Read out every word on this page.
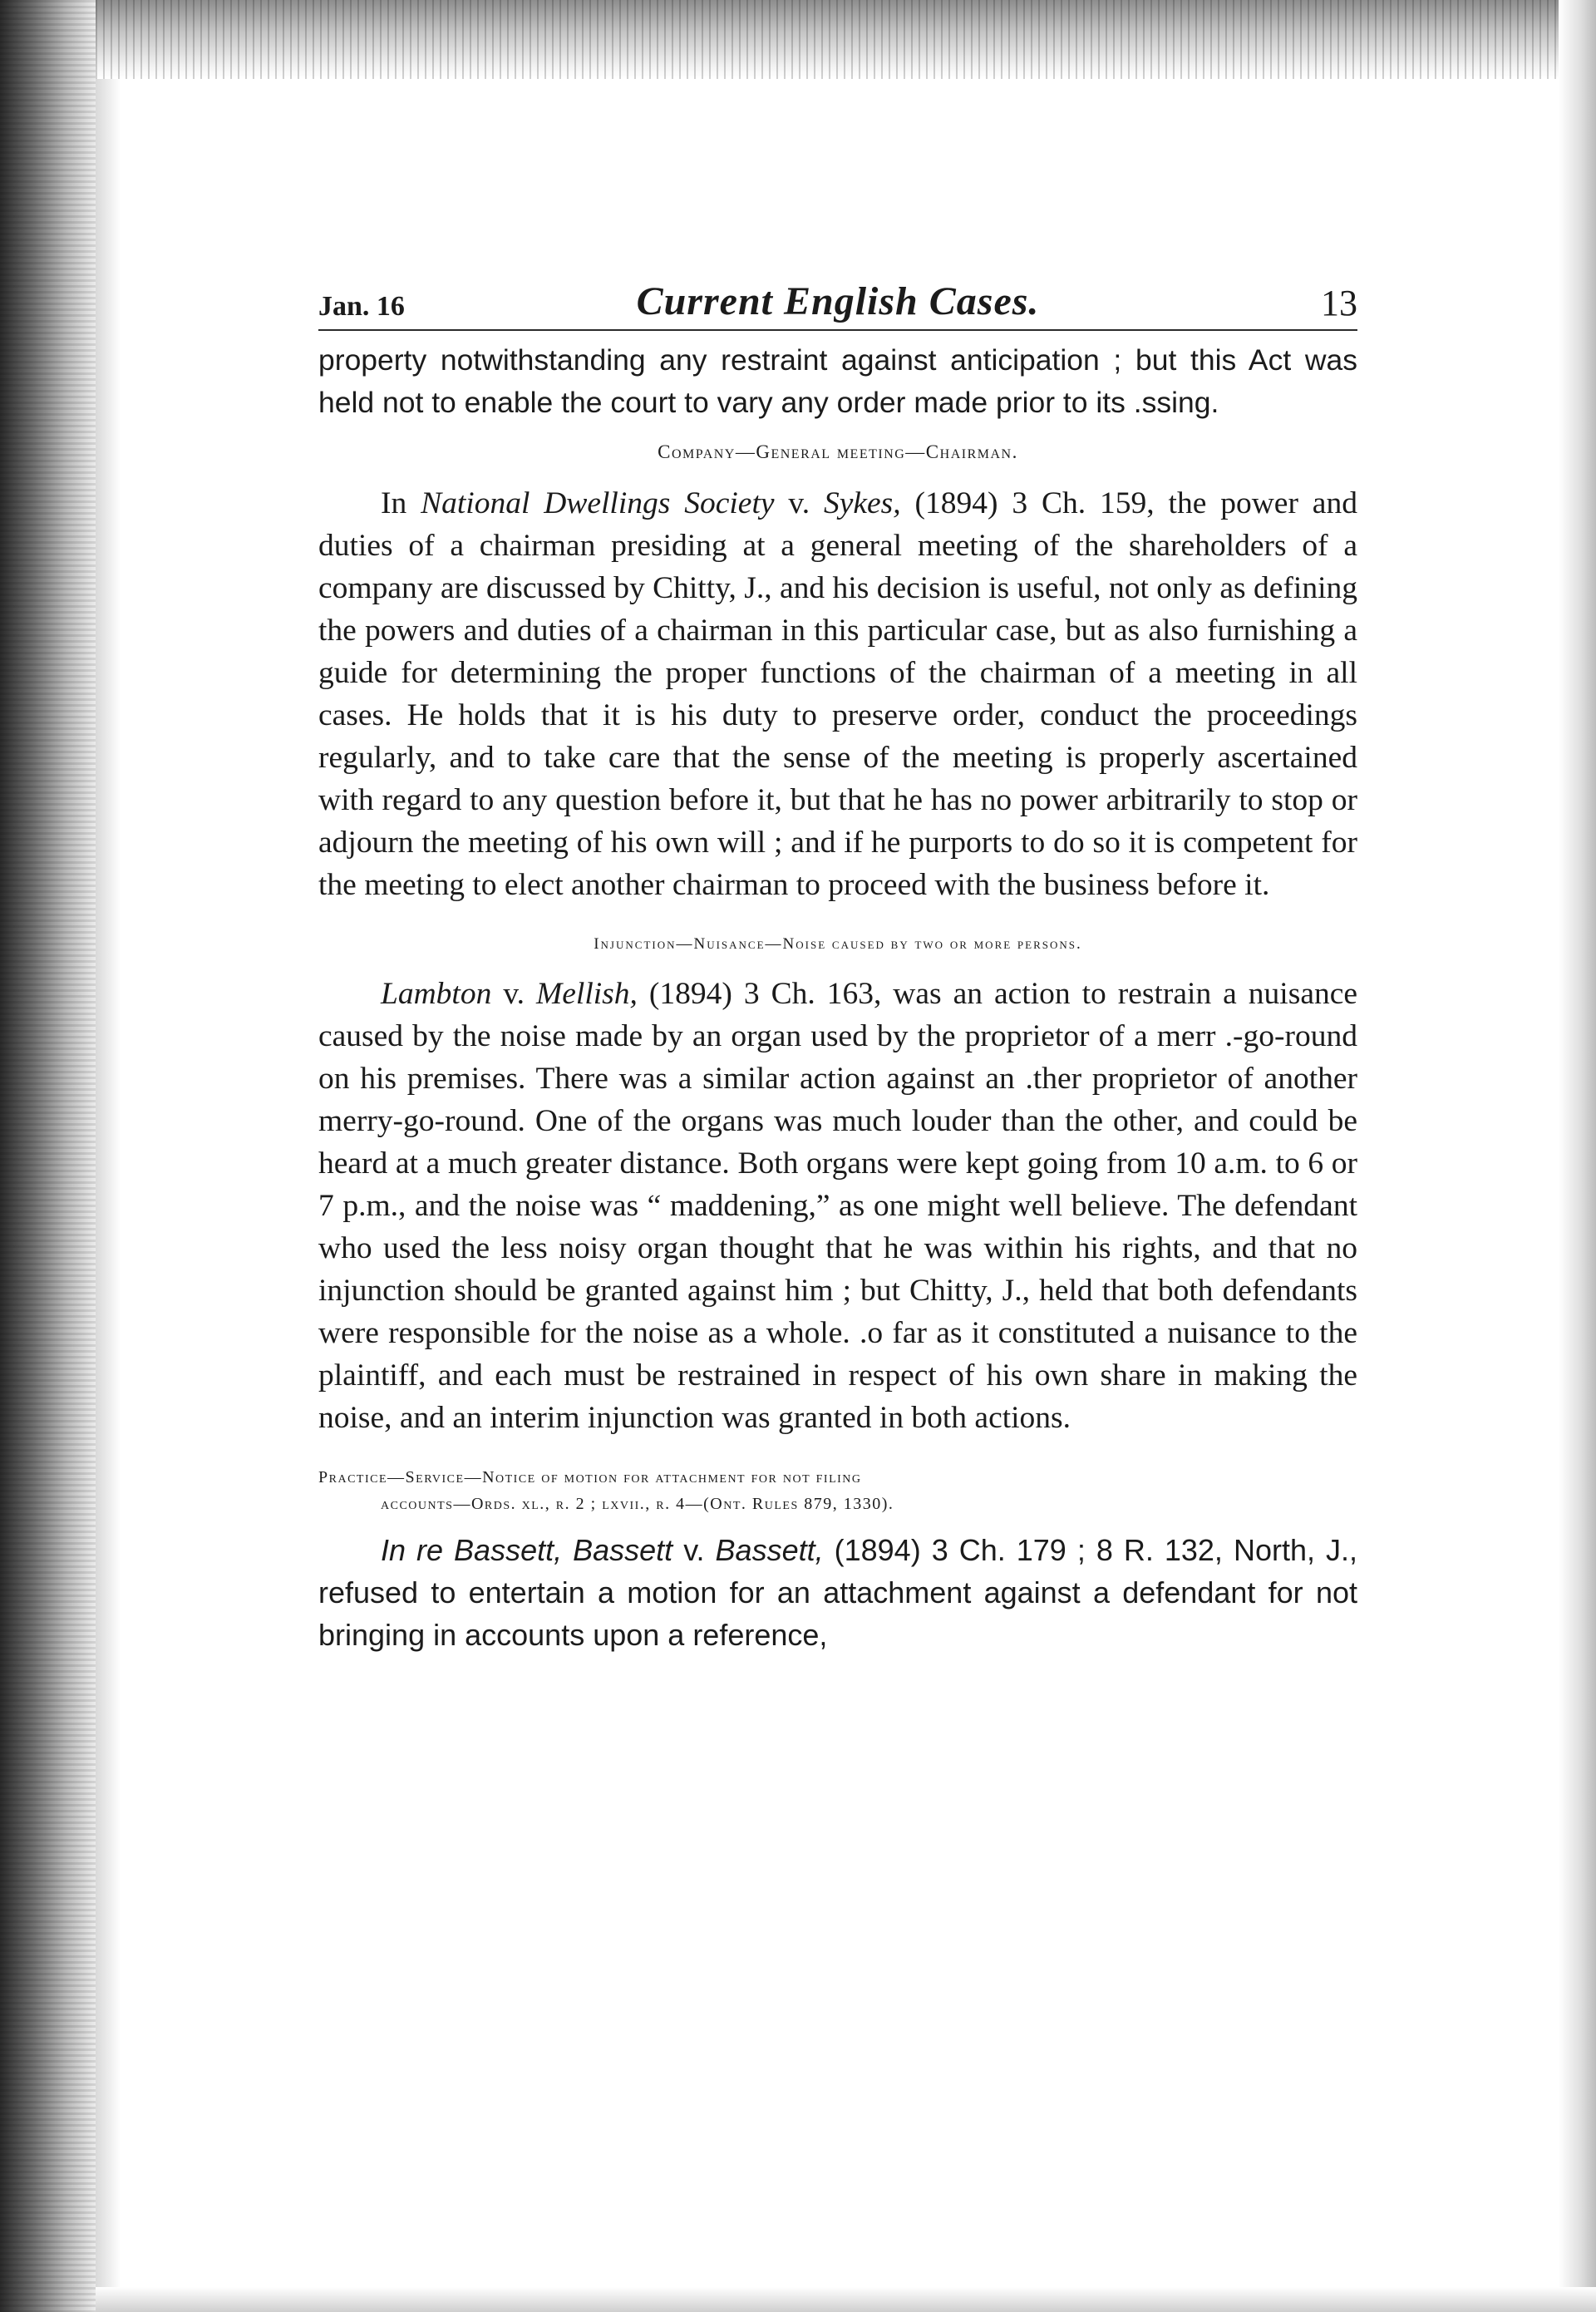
Jan. 16	Current English Cases.	13

property notwithstanding any restraint against anticipation ; but this Act was held not to enable the court to vary any order made prior to its .ssing.

Company—General meeting—Chairman.

In National Dwellings Society v. Sykes, (1894) 3 Ch. 159, the power and duties of a chairman presiding at a general meeting of the shareholders of a company are discussed by Chitty, J., and his decision is useful, not only as defining the powers and duties of a chairman in this particular case, but as also furnishing a guide for determining the proper functions of the chairman of a meeting in all cases. He holds that it is his duty to preserve order, conduct the proceedings regularly, and to take care that the sense of the meeting is properly ascertained with regard to any question before it, but that he has no power arbitrarily to stop or adjourn the meeting of his own will ; and if he purports to do so it is competent for the meeting to elect another chairman to proceed with the business before it.

Injunction—Nuisance—Noise caused by two or more persons.

Lambton v. Mellish, (1894) 3 Ch. 163, was an action to restrain a nuisance caused by the noise made by an organ used by the proprietor of a merr .-go-round on his premises. There was a similar action against an .ther proprietor of another merry-go-round. One of the organs was much louder than the other, and could be heard at a much greater distance. Both organs were kept going from 10 a.m. to 6 or 7 p.m., and the noise was “ maddening,” as one might well believe. The defendant who used the less noisy organ thought that he was within his rights, and that no injunction should be granted against him ; but Chitty, J., held that both defendants were responsible for the noise as a whole. .o far as it constituted a nuisance to the plaintiff, and each must be restrained in respect of his own share in making the noise, and an interim injunction was granted in both actions.

Practice—Service—Notice of motion for attachment for not filing
accounts—Ords. xl., r. 2 ; lxvii., r. 4—(Ont. Rules 879, 1330).

In re Bassett, Bassett v. Bassett, (1894) 3 Ch. 179 ; 8 R. 132, North, J., refused to entertain a motion for an attachment against a defendant for not bringing in accounts upon a reference,
